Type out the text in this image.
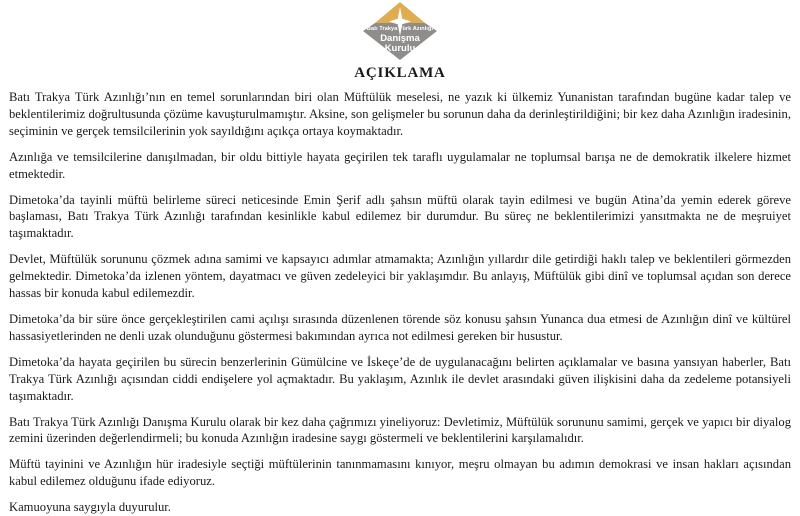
Batı Trakya Türk Azınlığı
Danışma
Kurulu
AÇIKLAMA

Batı Trakya Türk Azınlığı’nın en temel sorunlarından biri olan Müftülük meselesi, ne yazık ki ülkemiz Yunanistan tarafından bugüne kadar talep ve beklentilerimiz doğrultusunda çözüme kavuşturulmamıştır. Aksine, son gelişmeler bu sorunun daha da derinleştirildiğini; bir kez daha Azınlığın iradesinin, seçiminin ve gerçek temsilcilerinin yok sayıldığını açıkça ortaya koymaktadır.

Azınlığa ve temsilcilerine danışılmadan, bir oldu bittiyle hayata geçirilen tek taraflı uygulamalar ne toplumsal barışa ne de demokratik ilkelere hizmet etmektedir.

Dimetoka’da tayinli müftü belirleme süreci neticesinde Emin Şerif adlı şahsın müftü olarak tayin edilmesi ve bugün Atina’da yemin ederek göreve başlaması, Batı Trakya Türk Azınlığı tarafından kesinlikle kabul edilemez bir durumdur. Bu süreç ne beklentilerimizi yansıtmakta ne de meşruiyet taşımaktadır.

Devlet, Müftülük sorununu çözmek adına samimi ve kapsayıcı adımlar atmamakta; Azınlığın yıllardır dile getirdiği haklı talep ve beklentileri görmezden gelmektedir. Dimetoka’da izlenen yöntem, dayatmacı ve güven zedeleyici bir yaklaşımdır. Bu anlayış, Müftülük gibi dinî ve toplumsal açıdan son derece hassas bir konuda kabul edilemezdir.

Dimetoka’da bir süre önce gerçekleştirilen cami açılışı sırasında düzenlenen törende söz konusu şahsın Yunanca dua etmesi de Azınlığın dinî ve kültürel hassasiyetlerinden ne denli uzak olunduğunu göstermesi bakımından ayrıca not edilmesi gereken bir husustur.

Dimetoka’da hayata geçirilen bu sürecin benzerlerinin Gümülcine ve İskeçe’de de uygulanacağını belirten açıklamalar ve basına yansıyan haberler, Batı Trakya Türk Azınlığı açısından ciddi endişelere yol açmaktadır. Bu yaklaşım, Azınlık ile devlet arasındaki güven ilişkisini daha da zedeleme potansiyeli taşımaktadır.

Batı Trakya Türk Azınlığı Danışma Kurulu olarak bir kez daha çağrımızı yineliyoruz: Devletimiz, Müftülük sorununu samimi, gerçek ve yapıcı bir diyalog zemini üzerinden değerlendirmeli; bu konuda Azınlığın iradesine saygı göstermeli ve beklentilerini karşılamalıdır.

Müftü tayinini ve Azınlığın hür iradesiyle seçtiği müftülerinin tanınmamasını kınıyor, meşru olmayan bu adımın demokrasi ve insan hakları açısından kabul edilemez olduğunu ifade ediyoruz.

Kamuoyuna saygıyla duyurulur.
